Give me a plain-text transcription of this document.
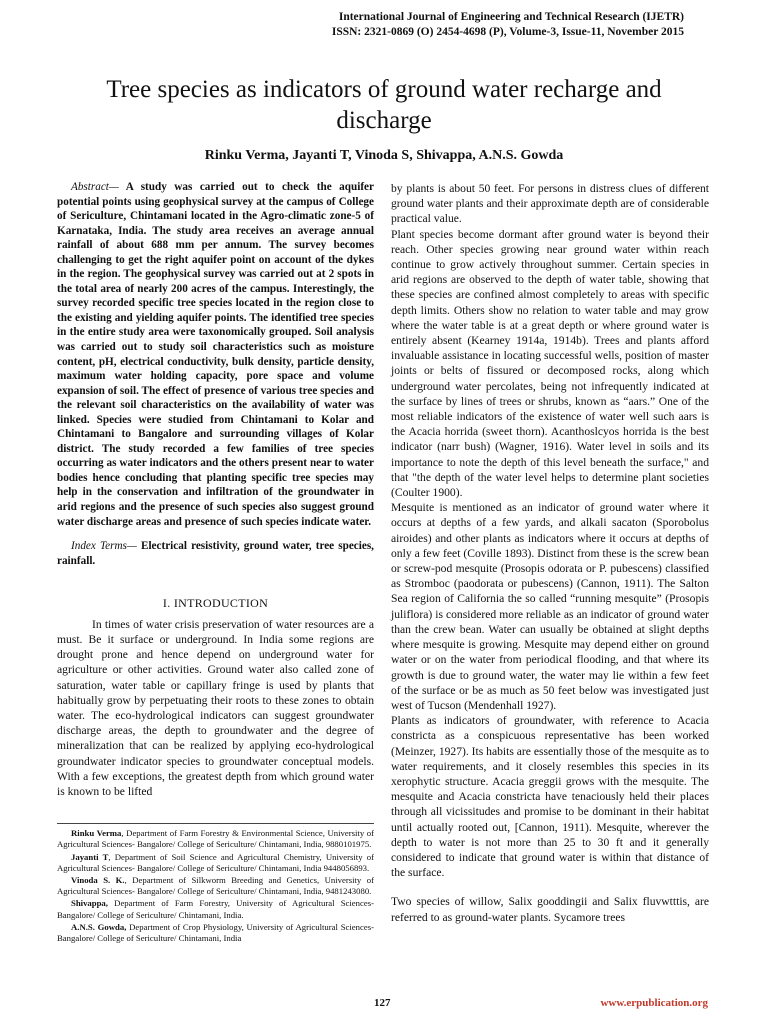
International Journal of Engineering and Technical Research (IJETR)
ISSN: 2321-0869 (O) 2454-4698 (P), Volume-3, Issue-11, November 2015
Tree species as indicators of ground water recharge and discharge
Rinku Verma, Jayanti T, Vinoda S, Shivappa, A.N.S. Gowda

Abstract— A study was carried out to check the aquifer potential points using geophysical survey at the campus of College of Sericulture, Chintamani located in the Agro-climatic zone-5 of Karnataka, India. The study area receives an average annual rainfall of about 688 mm per annum. The survey becomes challenging to get the right aquifer point on account of the dykes in the region. The geophysical survey was carried out at 2 spots in the total area of nearly 200 acres of the campus. Interestingly, the survey recorded specific tree species located in the region close to the existing and yielding aquifer points. The identified tree species in the entire study area were taxonomically grouped. Soil analysis was carried out to study soil characteristics such as moisture content, pH, electrical conductivity, bulk density, particle density, maximum water holding capacity, pore space and volume expansion of soil. The effect of presence of various tree species and the relevant soil characteristics on the availability of water was linked. Species were studied from Chintamani to Kolar and Chintamani to Bangalore and surrounding villages of Kolar district. The study recorded a few families of tree species occurring as water indicators and the others present near to water bodies hence concluding that planting specific tree species may help in the conservation and infiltration of the groundwater in arid regions and the presence of such species also suggest ground water discharge areas and presence of such species indicate water.

Index Terms— Electrical resistivity, ground water, tree species, rainfall.

I. INTRODUCTION

In times of water crisis preservation of water resources are a must. Be it surface or underground. In India some regions are drought prone and hence depend on underground water for agriculture or other activities. Ground water also called zone of saturation, water table or capillary fringe is used by plants that habitually grow by perpetuating their roots to these zones to obtain water. The eco-hydrological indicators can suggest groundwater discharge areas, the depth to groundwater and the degree of mineralization that can be realized by applying eco-hydrological groundwater indicator species to groundwater conceptual models. With a few exceptions, the greatest depth from which ground water is known to be lifted

Rinku Verma, Department of Farm Forestry & Environmental Science, University of Agricultural Sciences- Bangalore/ College of Sericulture/ Chintamani, India, 9880101975.

Jayanti T, Department of Soil Science and Agricultural Chemistry, University of Agricultural Sciences- Bangalore/ College of Sericulture/ Chintamani, India 9448056893.

Vinoda S. K., Department of Silkworm Breeding and Genetics, University of Agricultural Sciences- Bangalore/ College of Sericulture/ Chintamani, India, 9481243080.

Shivappa, Department of Farm Forestry, University of Agricultural Sciences- Bangalore/ College of Sericulture/ Chintamani, India.

A.N.S. Gowda, Department of Crop Physiology, University of Agricultural Sciences- Bangalore/ College of Sericulture/ Chintamani, India

by plants is about 50 feet. For persons in distress clues of different ground water plants and their approximate depth are of considerable practical value.

Plant species become dormant after ground water is beyond their reach. Other species growing near ground water within reach continue to grow actively throughout summer. Certain species in arid regions are observed to the depth of water table, showing that these species are confined almost completely to areas with specific depth limits. Others show no relation to water table and may grow where the water table is at a great depth or where ground water is entirely absent (Kearney 1914a, 1914b). Trees and plants afford invaluable assistance in locating successful wells, position of master joints or belts of fissured or decomposed rocks, along which underground water percolates, being not infrequently indicated at the surface by lines of trees or shrubs, known as “aars.” One of the most reliable indicators of the existence of water well such aars is the Acacia horrida (sweet thorn). Acanthoslcyos horrida is the best indicator (narr bush) (Wagner, 1916). Water level in soils and its importance to note the depth of this level beneath the surface," and that "the depth of the water level helps to determine plant societies (Coulter 1900).

Mesquite is mentioned as an indicator of ground water where it occurs at depths of a few yards, and alkali sacaton (Sporobolus airoides) and other plants as indicators where it occurs at depths of only a few feet (Coville 1893). Distinct from these is the screw bean or screw-pod mesquite (Prosopis odorata or P. pubescens) classified as Stromboc (paodorata or pubescens) (Cannon, 1911). The Salton Sea region of California the so called “running mesquite” (Prosopis juliflora) is considered more reliable as an indicator of ground water than the crew bean. Water can usually be obtained at slight depths where mesquite is growing. Mesquite may depend either on ground water or on the water from periodical flooding, and that where its growth is due to ground water, the water may lie within a few feet of the surface or be as much as 50 feet below was investigated just west of Tucson (Mendenhall 1927).

Plants as indicators of groundwater, with reference to Acacia constricta as a conspicuous representative has been worked (Meinzer, 1927). Its habits are essentially those of the mesquite as to water requirements, and it closely resembles this species in its xerophytic structure. Acacia greggii grows with the mesquite. The mesquite and Acacia constricta have tenaciously held their places through all vicissitudes and promise to be dominant in their habitat until actually rooted out, [Cannon, 1911). Mesquite, wherever the depth to water is not more than 25 to 30 ft and it generally considered to indicate that ground water is within that distance of the surface.

Two species of willow, Salix gooddingii and Salix fluvwtttis, are referred to as ground-water plants. Sycamore trees

127	www.erpublication.org
